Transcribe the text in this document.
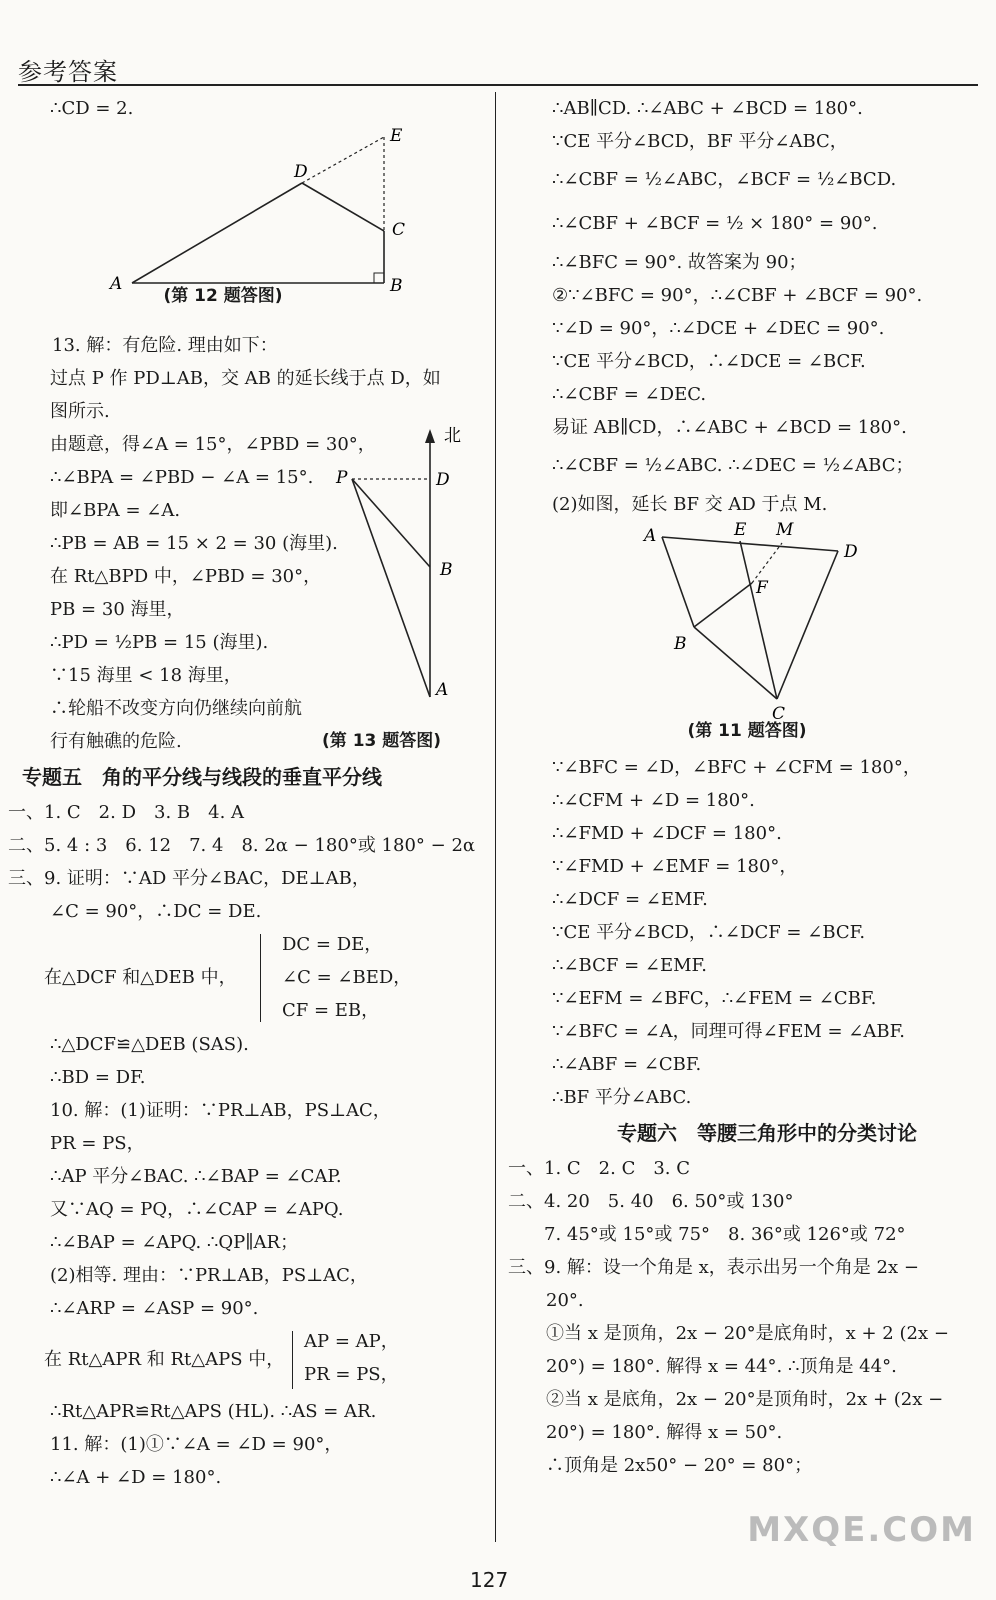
参考答案
∴CD = 2.
A	B
C
D
E
(第 12 题答图)
13. 解：有危险. 理由如下：
过点 P 作 PD⊥AB，交 AB 的延长线于点 D，如
图所示.
由题意，得∠A = 15°，∠PBD = 30°，
∴∠BPA = ∠PBD − ∠A = 15°.
即∠BPA = ∠A.
∴PB = AB = 15 × 2 = 30 (海里).
在 Rt△BPD 中，∠PBD = 30°，
PB = 30 海里，
∴PD = ½PB = 15 (海里).
∵15 海里 < 18 海里，
∴轮船不改变方向仍继续向前航
行有触礁的危险.	(第 13 题答图)
北
P	D
B
A
专题五　角的平分线与线段的垂直平分线
一、1. C　2. D　3. B　4. A
二、5. 4 : 3　6. 12　7. 4　8. 2α − 180°或 180° − 2α
三、9. 证明：∵AD 平分∠BAC，DE⊥AB，
∠C = 90°，∴DC = DE.
在△DCF 和△DEB 中，
DC = DE，
∠C = ∠BED，
CF = EB，
∴△DCF≌△DEB (SAS).
∴BD = DF.
10. 解：(1)证明：∵PR⊥AB，PS⊥AC，
PR = PS，
∴AP 平分∠BAC. ∴∠BAP = ∠CAP.
又∵AQ = PQ，∴∠CAP = ∠APQ.
∴∠BAP = ∠APQ. ∴QP∥AR；
(2)相等. 理由：∵PR⊥AB，PS⊥AC，
∴∠ARP = ∠ASP = 90°.
在 Rt△APR 和 Rt△APS 中，
AP = AP，
PR = PS，
∴Rt△APR≌Rt△APS (HL). ∴AS = AR.
11. 解：(1)①∵∠A = ∠D = 90°，
∴∠A + ∠D = 180°.
∴AB∥CD. ∴∠ABC + ∠BCD = 180°.
∵CE 平分∠BCD，BF 平分∠ABC，
∴∠CBF = ½∠ABC，∠BCF = ½∠BCD.
∴∠CBF + ∠BCF = ½ × 180° = 90°.
∴∠BFC = 90°. 故答案为 90；
②∵∠BFC = 90°，∴∠CBF + ∠BCF = 90°.
∵∠D = 90°，∴∠DCE + ∠DEC = 90°.
∵CE 平分∠BCD，∴∠DCE = ∠BCF.
∴∠CBF = ∠DEC.
易证 AB∥CD，∴∠ABC + ∠BCD = 180°.
∴∠CBF = ½∠ABC. ∴∠DEC = ½∠ABC；
(2)如图，延长 BF 交 AD 于点 M.
A	E M
D
F
B
C
(第 11 题答图)
∵∠BFC = ∠D，∠BFC + ∠CFM = 180°，
∴∠CFM + ∠D = 180°.
∴∠FMD + ∠DCF = 180°.
∵∠FMD + ∠EMF = 180°，
∴∠DCF = ∠EMF.
∵CE 平分∠BCD，∴∠DCF = ∠BCF.
∴∠BCF = ∠EMF.
∵∠EFM = ∠BFC，∴∠FEM = ∠CBF.
∵∠BFC = ∠A，同理可得∠FEM = ∠ABF.
∴∠ABF = ∠CBF.
∴BF 平分∠ABC.
专题六　等腰三角形中的分类讨论
一、1. C　2. C　3. C
二、4. 20　5. 40　6. 50°或 130°
　　7. 45°或 15°或 75°　8. 36°或 126°或 72°
三、9. 解：设一个角是 x，表示出另一个角是 2x −
20°.
①当 x 是顶角，2x − 20°是底角时，x + 2 (2x −
20°) = 180°. 解得 x = 44°. ∴顶角是 44°.
②当 x 是底角，2x − 20°是顶角时，2x + (2x −
20°) = 180°. 解得 x = 50°.
∴顶角是 2x50° − 20° = 80°；
127
MXQE.COM
